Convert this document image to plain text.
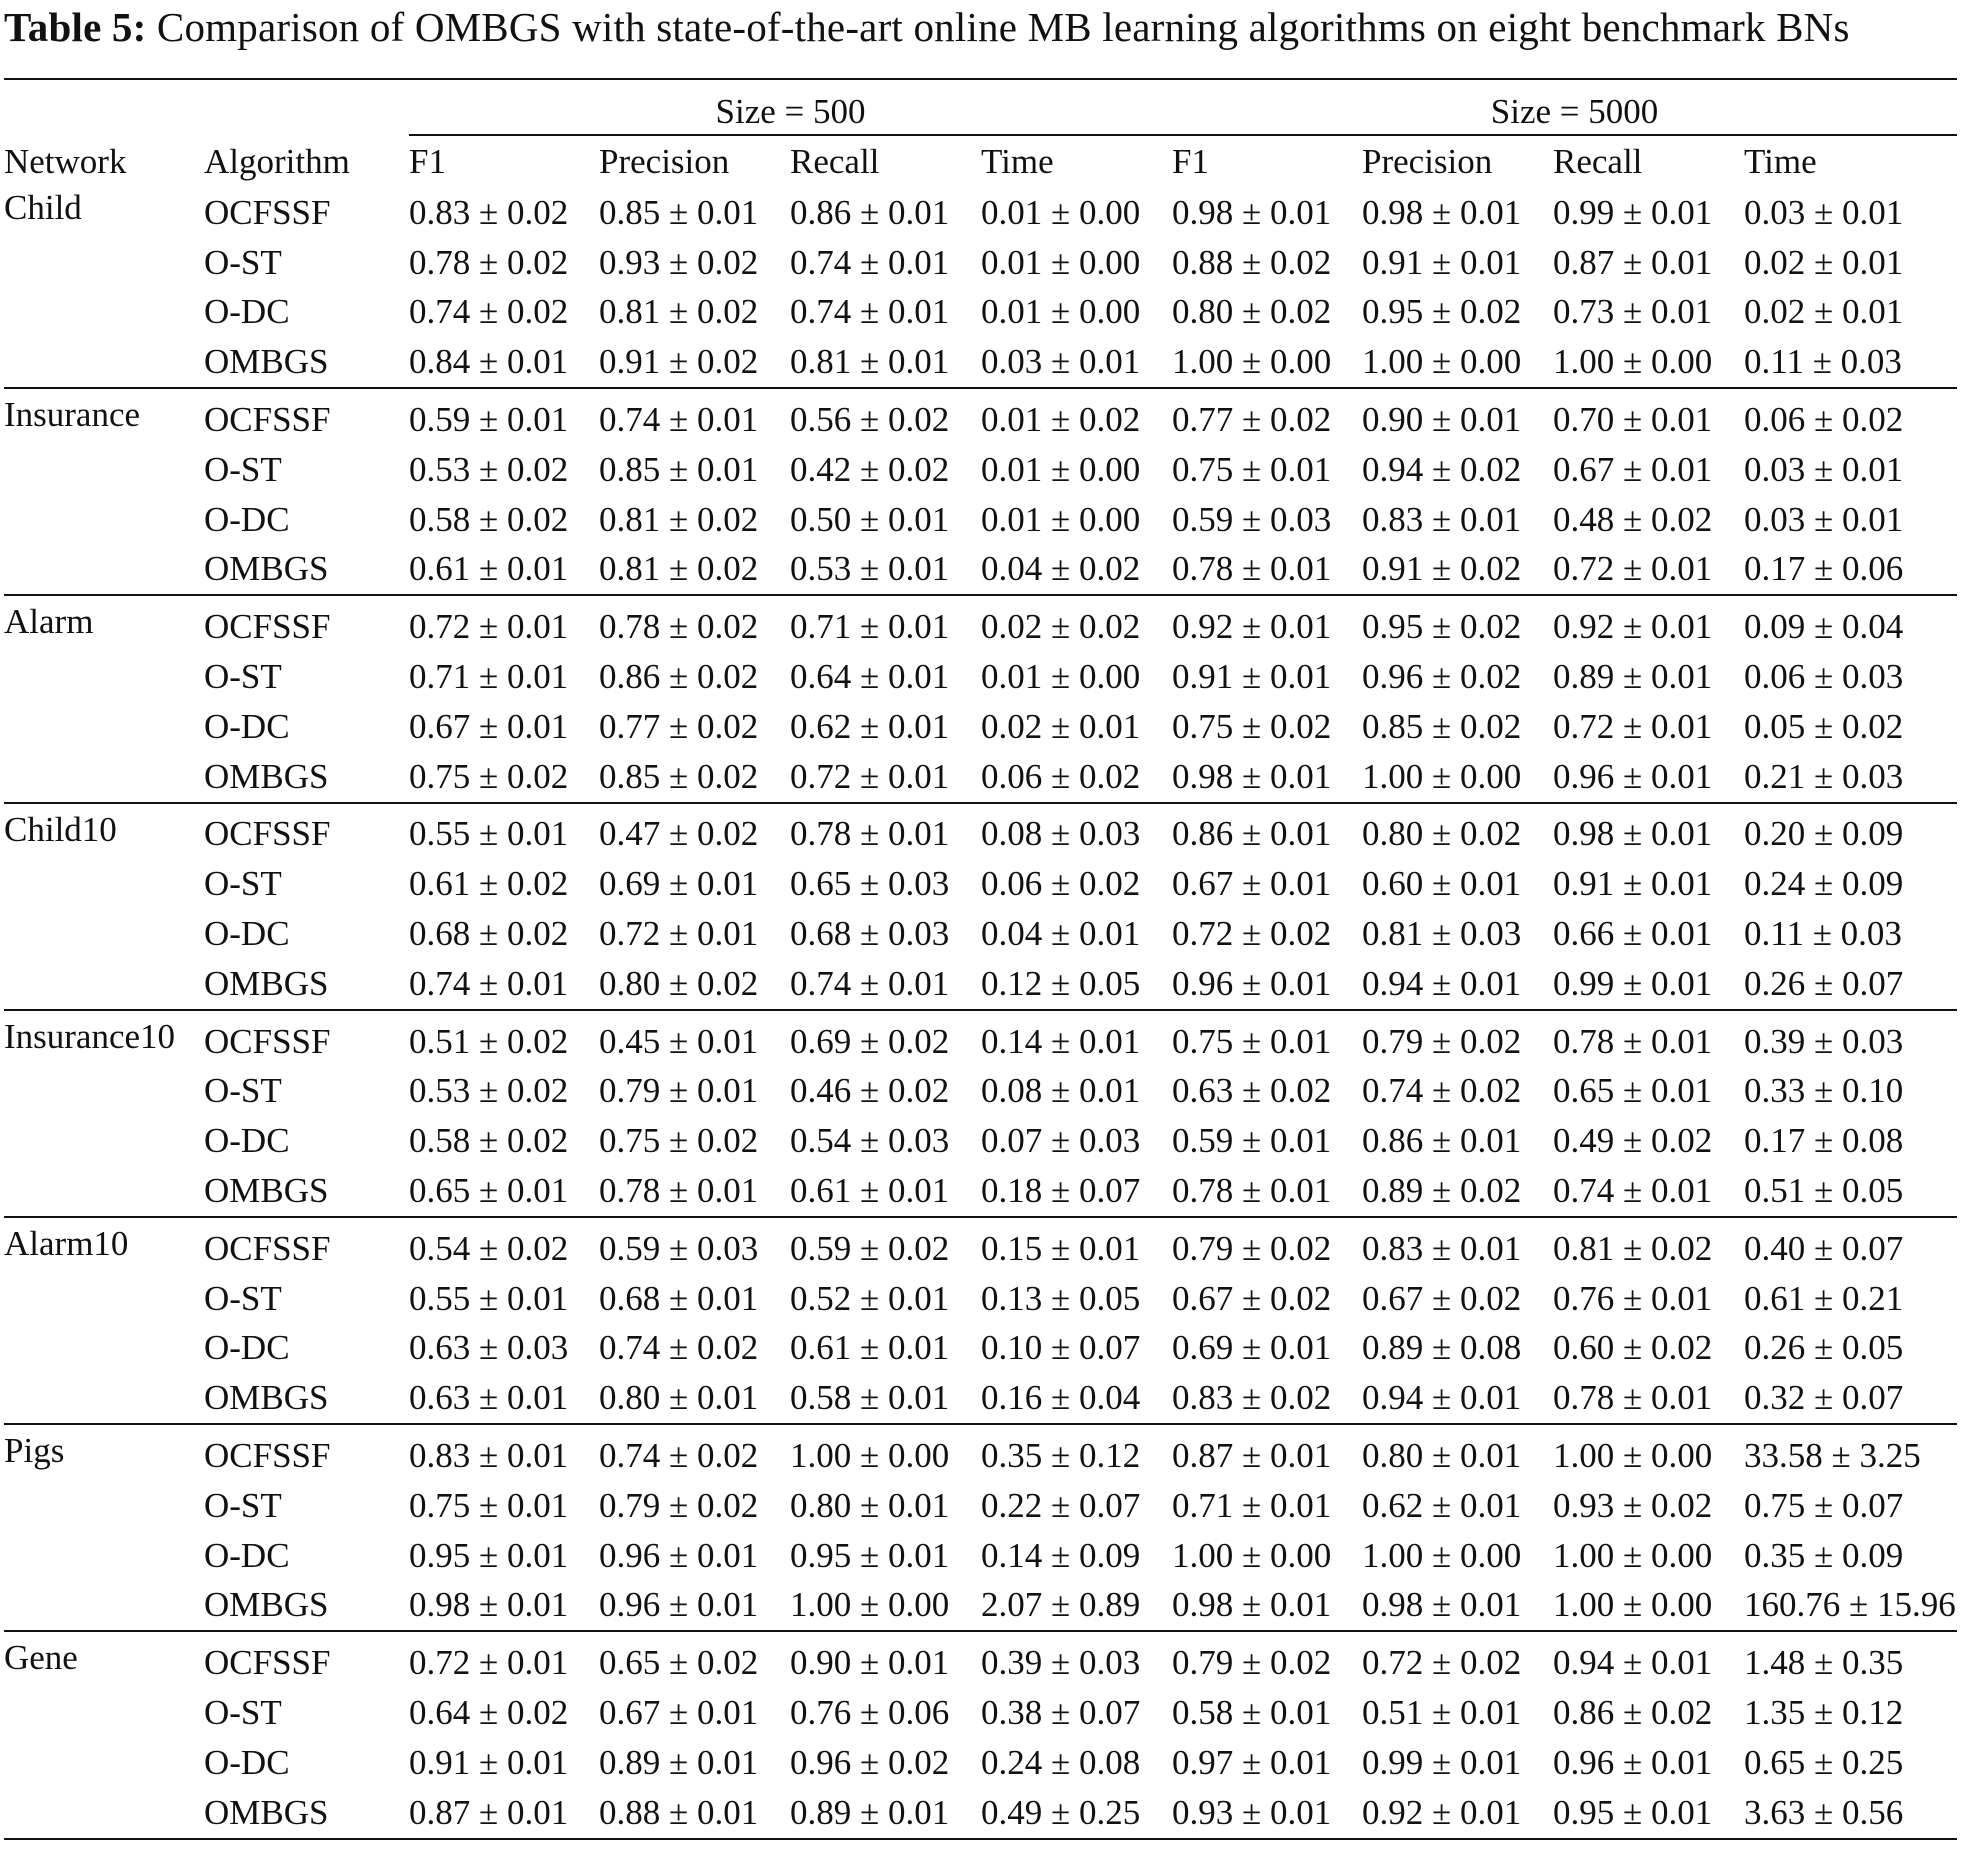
Table 5: Comparison of OMBGS with state-of-the-art online MB learning algorithms on eight benchmark BNs

		Size = 500				Size = 5000			
Network	Algorithm	F1	Precision	Recall	Time	F1	Precision	Recall	Time
Child	OCFSSF	0.83 ± 0.02	0.85 ± 0.01	0.86 ± 0.01	0.01 ± 0.00	0.98 ± 0.01	0.98 ± 0.01	0.99 ± 0.01	0.03 ± 0.01
	O-ST	0.78 ± 0.02	0.93 ± 0.02	0.74 ± 0.01	0.01 ± 0.00	0.88 ± 0.02	0.91 ± 0.01	0.87 ± 0.01	0.02 ± 0.01
	O-DC	0.74 ± 0.02	0.81 ± 0.02	0.74 ± 0.01	0.01 ± 0.00	0.80 ± 0.02	0.95 ± 0.02	0.73 ± 0.01	0.02 ± 0.01
	OMBGS	0.84 ± 0.01	0.91 ± 0.02	0.81 ± 0.01	0.03 ± 0.01	1.00 ± 0.00	1.00 ± 0.00	1.00 ± 0.00	0.11 ± 0.03
Insurance	OCFSSF	0.59 ± 0.01	0.74 ± 0.01	0.56 ± 0.02	0.01 ± 0.02	0.77 ± 0.02	0.90 ± 0.01	0.70 ± 0.01	0.06 ± 0.02
	O-ST	0.53 ± 0.02	0.85 ± 0.01	0.42 ± 0.02	0.01 ± 0.00	0.75 ± 0.01	0.94 ± 0.02	0.67 ± 0.01	0.03 ± 0.01
	O-DC	0.58 ± 0.02	0.81 ± 0.02	0.50 ± 0.01	0.01 ± 0.00	0.59 ± 0.03	0.83 ± 0.01	0.48 ± 0.02	0.03 ± 0.01
	OMBGS	0.61 ± 0.01	0.81 ± 0.02	0.53 ± 0.01	0.04 ± 0.02	0.78 ± 0.01	0.91 ± 0.02	0.72 ± 0.01	0.17 ± 0.06
Alarm	OCFSSF	0.72 ± 0.01	0.78 ± 0.02	0.71 ± 0.01	0.02 ± 0.02	0.92 ± 0.01	0.95 ± 0.02	0.92 ± 0.01	0.09 ± 0.04
	O-ST	0.71 ± 0.01	0.86 ± 0.02	0.64 ± 0.01	0.01 ± 0.00	0.91 ± 0.01	0.96 ± 0.02	0.89 ± 0.01	0.06 ± 0.03
	O-DC	0.67 ± 0.01	0.77 ± 0.02	0.62 ± 0.01	0.02 ± 0.01	0.75 ± 0.02	0.85 ± 0.02	0.72 ± 0.01	0.05 ± 0.02
	OMBGS	0.75 ± 0.02	0.85 ± 0.02	0.72 ± 0.01	0.06 ± 0.02	0.98 ± 0.01	1.00 ± 0.00	0.96 ± 0.01	0.21 ± 0.03
Child10	OCFSSF	0.55 ± 0.01	0.47 ± 0.02	0.78 ± 0.01	0.08 ± 0.03	0.86 ± 0.01	0.80 ± 0.02	0.98 ± 0.01	0.20 ± 0.09
	O-ST	0.61 ± 0.02	0.69 ± 0.01	0.65 ± 0.03	0.06 ± 0.02	0.67 ± 0.01	0.60 ± 0.01	0.91 ± 0.01	0.24 ± 0.09
	O-DC	0.68 ± 0.02	0.72 ± 0.01	0.68 ± 0.03	0.04 ± 0.01	0.72 ± 0.02	0.81 ± 0.03	0.66 ± 0.01	0.11 ± 0.03
	OMBGS	0.74 ± 0.01	0.80 ± 0.02	0.74 ± 0.01	0.12 ± 0.05	0.96 ± 0.01	0.94 ± 0.01	0.99 ± 0.01	0.26 ± 0.07
Insurance10	OCFSSF	0.51 ± 0.02	0.45 ± 0.01	0.69 ± 0.02	0.14 ± 0.01	0.75 ± 0.01	0.79 ± 0.02	0.78 ± 0.01	0.39 ± 0.03
	O-ST	0.53 ± 0.02	0.79 ± 0.01	0.46 ± 0.02	0.08 ± 0.01	0.63 ± 0.02	0.74 ± 0.02	0.65 ± 0.01	0.33 ± 0.10
	O-DC	0.58 ± 0.02	0.75 ± 0.02	0.54 ± 0.03	0.07 ± 0.03	0.59 ± 0.01	0.86 ± 0.01	0.49 ± 0.02	0.17 ± 0.08
	OMBGS	0.65 ± 0.01	0.78 ± 0.01	0.61 ± 0.01	0.18 ± 0.07	0.78 ± 0.01	0.89 ± 0.02	0.74 ± 0.01	0.51 ± 0.05
Alarm10	OCFSSF	0.54 ± 0.02	0.59 ± 0.03	0.59 ± 0.02	0.15 ± 0.01	0.79 ± 0.02	0.83 ± 0.01	0.81 ± 0.02	0.40 ± 0.07
	O-ST	0.55 ± 0.01	0.68 ± 0.01	0.52 ± 0.01	0.13 ± 0.05	0.67 ± 0.02	0.67 ± 0.02	0.76 ± 0.01	0.61 ± 0.21
	O-DC	0.63 ± 0.03	0.74 ± 0.02	0.61 ± 0.01	0.10 ± 0.07	0.69 ± 0.01	0.89 ± 0.08	0.60 ± 0.02	0.26 ± 0.05
	OMBGS	0.63 ± 0.01	0.80 ± 0.01	0.58 ± 0.01	0.16 ± 0.04	0.83 ± 0.02	0.94 ± 0.01	0.78 ± 0.01	0.32 ± 0.07
Pigs	OCFSSF	0.83 ± 0.01	0.74 ± 0.02	1.00 ± 0.00	0.35 ± 0.12	0.87 ± 0.01	0.80 ± 0.01	1.00 ± 0.00	33.58 ± 3.25
	O-ST	0.75 ± 0.01	0.79 ± 0.02	0.80 ± 0.01	0.22 ± 0.07	0.71 ± 0.01	0.62 ± 0.01	0.93 ± 0.02	0.75 ± 0.07
	O-DC	0.95 ± 0.01	0.96 ± 0.01	0.95 ± 0.01	0.14 ± 0.09	1.00 ± 0.00	1.00 ± 0.00	1.00 ± 0.00	0.35 ± 0.09
	OMBGS	0.98 ± 0.01	0.96 ± 0.01	1.00 ± 0.00	2.07 ± 0.89	0.98 ± 0.01	0.98 ± 0.01	1.00 ± 0.00	160.76 ± 15.96
Gene	OCFSSF	0.72 ± 0.01	0.65 ± 0.02	0.90 ± 0.01	0.39 ± 0.03	0.79 ± 0.02	0.72 ± 0.02	0.94 ± 0.01	1.48 ± 0.35
	O-ST	0.64 ± 0.02	0.67 ± 0.01	0.76 ± 0.06	0.38 ± 0.07	0.58 ± 0.01	0.51 ± 0.01	0.86 ± 0.02	1.35 ± 0.12
	O-DC	0.91 ± 0.01	0.89 ± 0.01	0.96 ± 0.02	0.24 ± 0.08	0.97 ± 0.01	0.99 ± 0.01	0.96 ± 0.01	0.65 ± 0.25
	OMBGS	0.87 ± 0.01	0.88 ± 0.01	0.89 ± 0.01	0.49 ± 0.25	0.93 ± 0.01	0.92 ± 0.01	0.95 ± 0.01	3.63 ± 0.56
